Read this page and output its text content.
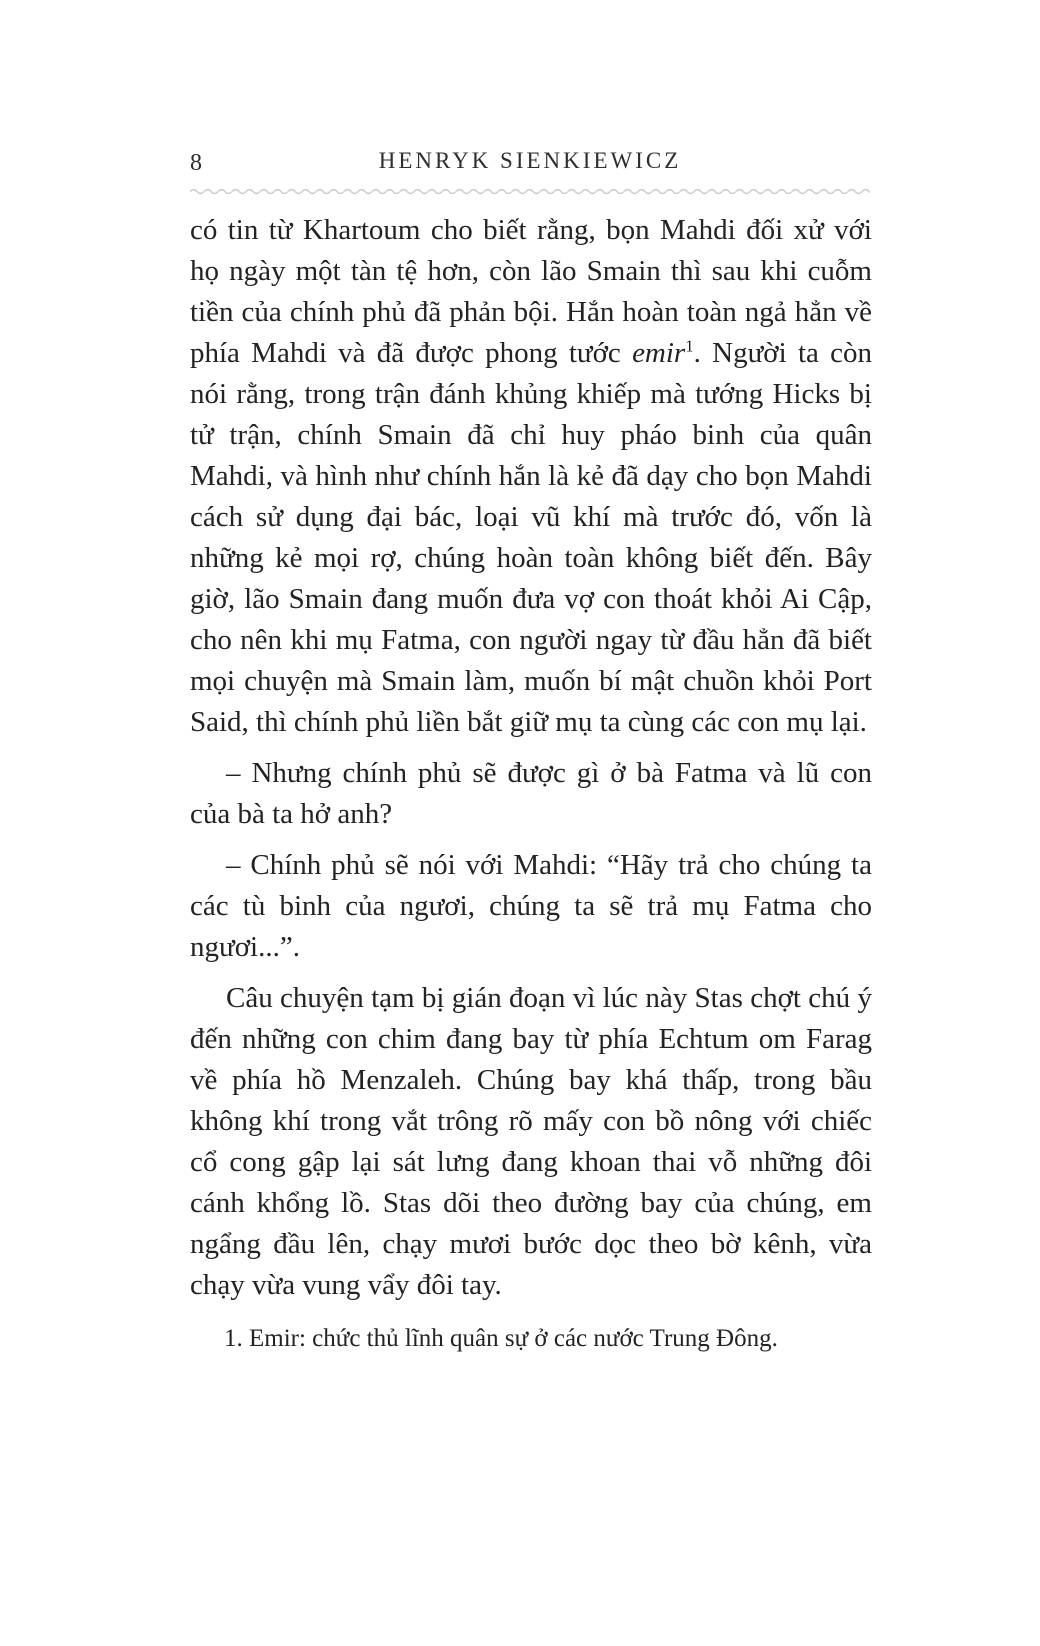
8	HENRYK SIENKIEWICZ

có tin từ Khartoum cho biết rằng, bọn Mahdi đối xử với họ ngày một tàn tệ hơn, còn lão Smain thì sau khi cuỗm tiền của chính phủ đã phản bội. Hắn hoàn toàn ngả hẳn về phía Mahdi và đã được phong tước emir$^1$. Người ta còn nói rằng, trong trận đánh khủng khiếp mà tướng Hicks bị tử trận, chính Smain đã chỉ huy pháo binh của quân Mahdi, và hình như chính hắn là kẻ đã dạy cho bọn Mahdi cách sử dụng đại bác, loại vũ khí mà trước đó, vốn là những kẻ mọi rợ, chúng hoàn toàn không biết đến. Bây giờ, lão Smain đang muốn đưa vợ con thoát khỏi Ai Cập, cho nên khi mụ Fatma, con người ngay từ đầu hẳn đã biết mọi chuyện mà Smain làm, muốn bí mật chuồn khỏi Port Said, thì chính phủ liền bắt giữ mụ ta cùng các con mụ lại.

– Nhưng chính phủ sẽ được gì ở bà Fatma và lũ con của bà ta hở anh?

– Chính phủ sẽ nói với Mahdi: “Hãy trả cho chúng ta các tù binh của ngươi, chúng ta sẽ trả mụ Fatma cho ngươi...”.

Câu chuyện tạm bị gián đoạn vì lúc này Stas chợt chú ý đến những con chim đang bay từ phía Echtum om Farag về phía hồ Menzaleh. Chúng bay khá thấp, trong bầu không khí trong vắt trông rõ mấy con bồ nông với chiếc cổ cong gập lại sát lưng đang khoan thai vỗ những đôi cánh khổng lồ. Stas dõi theo đường bay của chúng, em ngẩng đầu lên, chạy mươi bước dọc theo bờ kênh, vừa chạy vừa vung vẩy đôi tay.

1. Emir: chức thủ lĩnh quân sự ở các nước Trung Đông.
